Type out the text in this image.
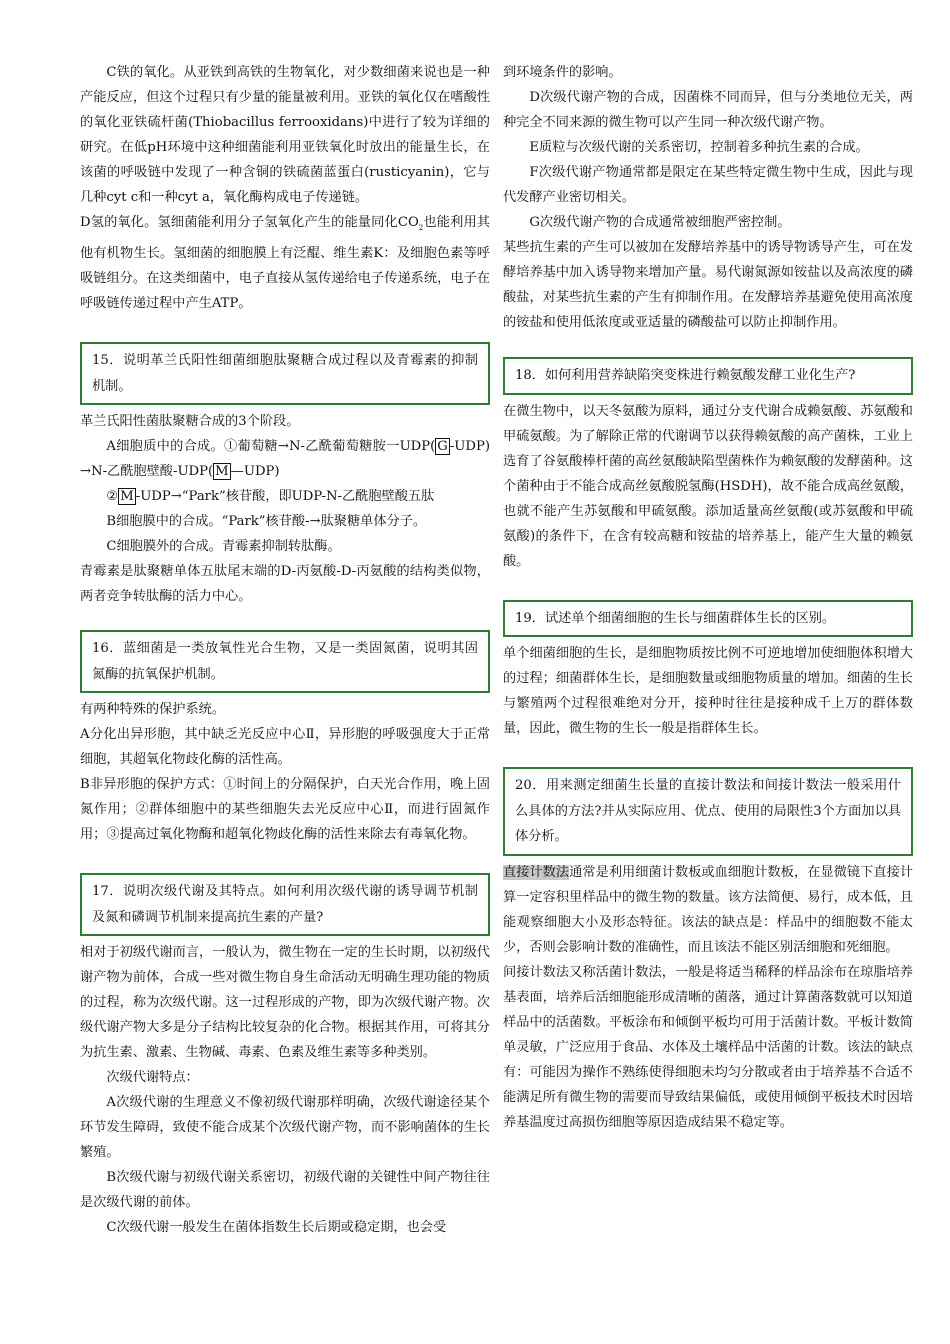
C铁的氧化。从亚铁到高铁的生物氧化，对少数细菌来说也是一种产能反应，但这个过程只有少量的能量被利用。亚铁的氧化仅在嗜酸性的氧化亚铁硫杆菌(Thiobacillus ferrooxidans)中进行了较为详细的研究。在低pH环境中这种细菌能利用亚铁氧化时放出的能量生长，在该菌的呼吸链中发现了一种含铜的铁硫菌蓝蛋白(rusticyanin)，它与几种cyt c和一种cyt a，氧化酶构成电子传递链。

D氢的氧化。氢细菌能利用分子氢氧化产生的能量同化$CO_2$也能利用其他有机物生长。氢细菌的细胞膜上有泛醌、维生素K：及细胞色素等呼吸链组分。在这类细菌中，电子直接从氢传递给电子传递系统，电子在呼吸链传递过程中产生ATP。

15．说明革兰氏阳性细菌细胞肽聚糖合成过程以及青霉素的抑制机制。

革兰氏阳性菌肽聚糖合成的3个阶段。

A细胞质中的合成。①葡萄糖→N-乙酰葡萄糖胺一UDP( G -UDP)→N-乙酰胞壁酸-UDP( M —UDP)

② M -UDP→“Park”核苷酸，即UDP-N-乙酰胞壁酸五肽

B细胞膜中的合成。“Park”核苷酸-→肽聚糖单体分子。

C细胞膜外的合成。青霉素抑制转肽酶。

青霉素是肽聚糖单体五肽尾末端的D-丙氨酸-D-丙氨酸的结构类似物，两者竞争转肽酶的活力中心。

16．蓝细菌是一类放氧性光合生物，又是一类固氮菌，说明其固氮酶的抗氧保护机制。

有两种特殊的保护系统。

A分化出异形胞，其中缺乏光反应中心Ⅱ，异形胞的呼吸强度大于正常细胞，其超氧化物歧化酶的活性高。

B非异形胞的保护方式：①时间上的分隔保护，白天光合作用，晚上固氮作用；②群体细胞中的某些细胞失去光反应中心Ⅱ，而进行固氮作用；③提高过氧化物酶和超氧化物歧化酶的活性来除去有毒氧化物。

17．说明次级代谢及其特点。如何利用次级代谢的诱导调节机制及氮和磷调节机制来提高抗生素的产量?

相对于初级代谢而言，一般认为，微生物在一定的生长时期，以初级代谢产物为前体，合成一些对微生物自身生命活动无明确生理功能的物质的过程，称为次级代谢。这一过程形成的产物，即为次级代谢产物。次级代谢产物大多是分子结构比较复杂的化合物。根据其作用，可将其分为抗生素、激素、生物碱、毒素、色素及维生素等多种类别。

次级代谢特点：

A次级代谢的生理意义不像初级代谢那样明确，次级代谢途径某个环节发生障碍，致使不能合成某个次级代谢产物，而不影响菌体的生长繁殖。

B次级代谢与初级代谢关系密切，初级代谢的关键性中间产物往往是次级代谢的前体。

C次级代谢一般发生在菌体指数生长后期或稳定期，也会受

到环境条件的影响。

D次级代谢产物的合成，因菌株不同而异，但与分类地位无关，两种完全不同来源的微生物可以产生同一种次级代谢产物。

E质粒与次级代谢的关系密切，控制着多种抗生素的合成。

F次级代谢产物通常都是限定在某些特定微生物中生成，因此与现代发酵产业密切相关。

G次级代谢产物的合成通常被细胞严密控制。

某些抗生素的产生可以被加在发酵培养基中的诱导物诱导产生，可在发酵培养基中加入诱导物来增加产量。易代谢氮源如铵盐以及高浓度的磷酸盐，对某些抗生素的产生有抑制作用。在发酵培养基避免使用高浓度的铵盐和使用低浓度或亚适量的磷酸盐可以防止抑制作用。

18．如何利用营养缺陷突变株进行赖氨酸发酵工业化生产?

在微生物中，以天冬氨酸为原料，通过分支代谢合成赖氨酸、苏氨酸和甲硫氨酸。为了解除正常的代谢调节以获得赖氨酸的高产菌株，工业上选育了谷氨酸棒杆菌的高丝氨酸缺陷型菌株作为赖氨酸的发酵菌种。这个菌种由于不能合成高丝氨酸脱氢酶(HSDH)，故不能合成高丝氨酸，也就不能产生苏氨酸和甲硫氨酸。添加适量高丝氨酸(或苏氨酸和甲硫氨酸)的条件下，在含有较高糖和铵盐的培养基上，能产生大量的赖氨酸。

19．试述单个细菌细胞的生长与细菌群体生长的区别。

单个细菌细胞的生长，是细胞物质按比例不可逆地增加使细胞体积增大的过程；细菌群体生长，是细胞数量或细胞物质量的增加。细菌的生长与繁殖两个过程很难绝对分开，接种时往往是接种成千上万的群体数量，因此，微生物的生长一般是指群体生长。

20．用来测定细菌生长量的直接计数法和间接计数法一般采用什么具体的方法?并从实际应用、优点、使用的局限性3个方面加以具体分析。

直接计数法通常是利用细菌计数板或血细胞计数板，在显微镜下直接计算一定容积里样品中的微生物的数量。该方法简便、易行，成本低，且能观察细胞大小及形态特征。该法的缺点是：样品中的细胞数不能太少，否则会影响计数的准确性，而且该法不能区别活细胞和死细胞。

间接计数法又称活菌计数法，一般是将适当稀释的样品涂布在琼脂培养基表面，培养后活细胞能形成清晰的菌落，通过计算菌落数就可以知道样品中的活菌数。平板涂布和倾倒平板均可用于活菌计数。平板计数简单灵敏，广泛应用于食品、水体及土壤样品中活菌的计数。该法的缺点有：可能因为操作不熟练使得细胞未均匀分散或者由于培养基不合适不能满足所有微生物的需要而导致结果偏低，或使用倾倒平板技术时因培养基温度过高损伤细胞等原因造成结果不稳定等。
